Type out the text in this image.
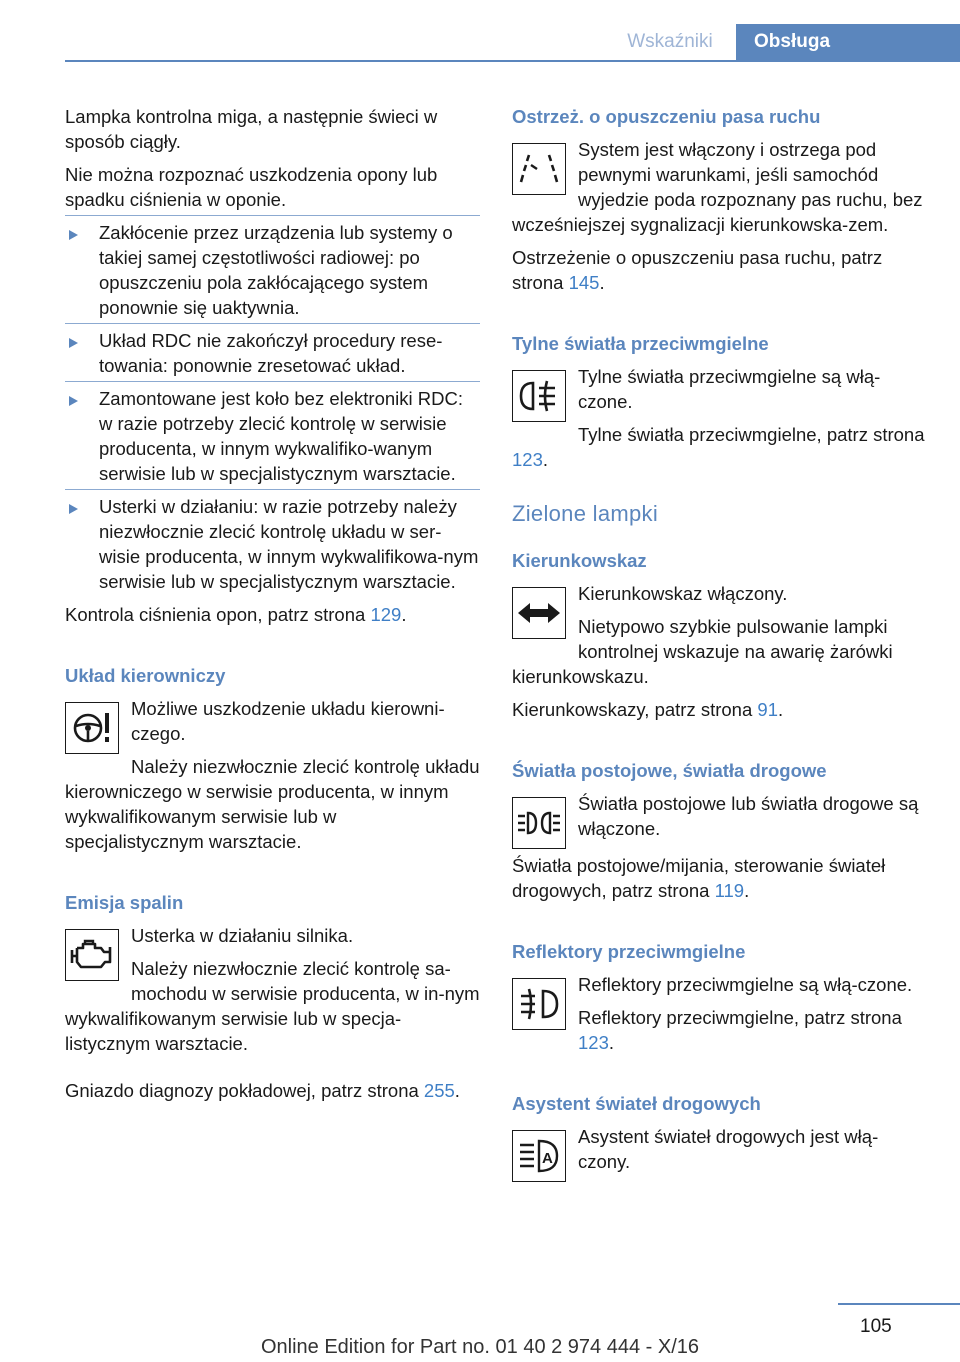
Wskaźniki	Obsługa

Lampka kontrolna miga, a następnie świeci w sposób ciągły.

Nie można rozpoznać uszkodzenia opony lub spadku ciśnienia w oponie.

Zakłócenie przez urządzenia lub systemy o takiej samej częstotliwości radiowej: po opuszczeniu pola zakłócającego system ponownie się uaktywnia.
Układ RDC nie zakończył procedury rese‐towania: ponownie zresetować układ.
Zamontowane jest koło bez elektroniki RDC: w razie potrzeby zlecić kontrolę w serwisie producenta, w innym wykwalifiko‐wanym serwisie lub w specjalistycznym warsztacie.
Usterki w działaniu: w razie potrzeby należy niezwłocznie zlecić kontrolę układu w ser‐wisie producenta, w innym wykwalifikowa‐nym serwisie lub w specjalistycznym warsztacie.

Kontrola ciśnienia opon, patrz strona 129.

Układ kierowniczy

Możliwe uszkodzenie układu kierowni‐czego.

Należy niezwłocznie zlecić kontrolę układu kierowniczego w serwisie producenta, w innym wykwalifikowanym serwisie lub w specjalistycznym warsztacie.

Emisja spalin

Usterka w działaniu silnika.

Należy niezwłocznie zlecić kontrolę sa‐mochodu w serwisie producenta, w in‐nym wykwalifikowanym serwisie lub w specja‐listycznym warsztacie.

Gniazdo diagnozy pokładowej, patrz strona 255.

Ostrzeż. o opuszczeniu pasa ruchu

System jest włączony i ostrzega pod pewnymi warunkami, jeśli samochód wyjedzie poda rozpoznany pas ruchu, bez wcześniejszej sygnalizacji kierunkowska‐zem.

Ostrzeżenie o opuszczeniu pasa ruchu, patrz strona 145.

Tylne światła przeciwmgielne

Tylne światła przeciwmgielne są włą‐czone.

Tylne światła przeciwmgielne, patrz strona 123.

Zielone lampki
Kierunkowskaz

Kierunkowskaz włączony.

Nietypowo szybkie pulsowanie lampki kontrolnej wskazuje na awarię żarówki kierunkowskazu.

Kierunkowskazy, patrz strona 91.

Światła postojowe, światła drogowe

Światła postojowe lub światła drogowe są włączone.

Światła postojowe/mijania, sterowanie świateł drogowych, patrz strona 119.

Reflektory przeciwmgielne

Reflektory przeciwmgielne są włą‐czone.

Reflektory przeciwmgielne, patrz strona 123.

Asystent świateł drogowych
A

Asystent świateł drogowych jest włą‐czony.

105
Online Edition for Part no. 01 40 2 974 444 - X/16
